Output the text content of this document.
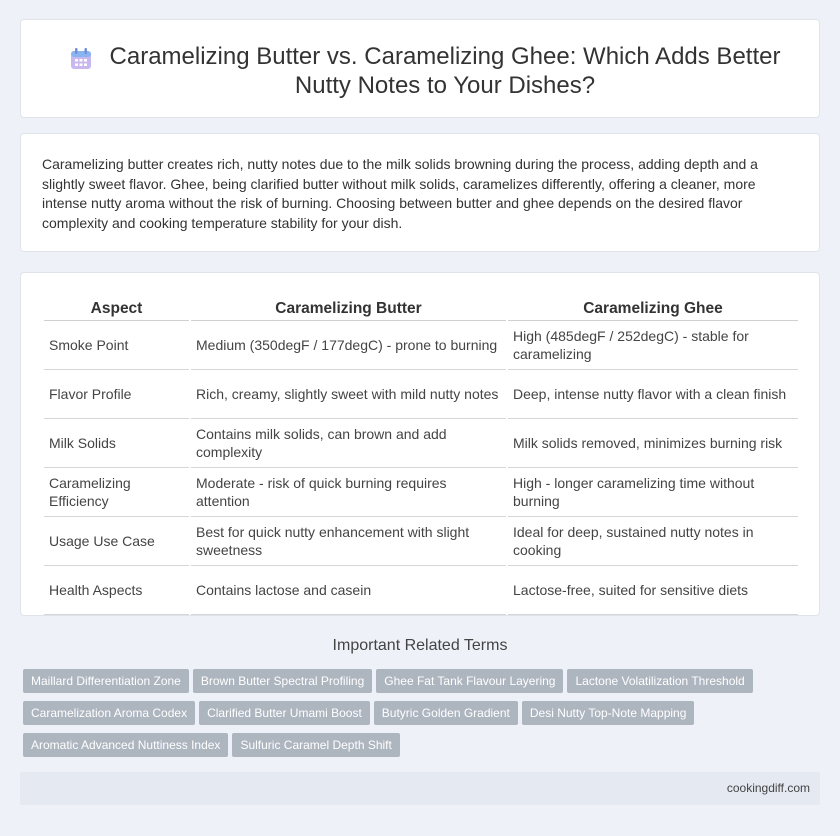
Caramelizing Butter vs. Caramelizing Ghee: Which Adds Better Nutty Notes to Your Dishes?

Caramelizing butter creates rich, nutty notes due to the milk solids browning during the process, adding depth and a slightly sweet flavor. Ghee, being clarified butter without milk solids, caramelizes differently, offering a cleaner, more intense nutty aroma without the risk of burning. Choosing between butter and ghee depends on the desired flavor complexity and cooking temperature stability for your dish.

Aspect	Caramelizing Butter	Caramelizing Ghee
Smoke Point	Medium (350degF / 177degC) - prone to burning	High (485degF / 252degC) - stable for caramelizing
Flavor Profile	Rich, creamy, slightly sweet with mild nutty notes	Deep, intense nutty flavor with a clean finish
Milk Solids	Contains milk solids, can brown and add complexity	Milk solids removed, minimizes burning risk
Caramelizing Efficiency	Moderate - risk of quick burning requires attention	High - longer caramelizing time without burning
Usage Use Case	Best for quick nutty enhancement with slight sweetness	Ideal for deep, sustained nutty notes in cooking
Health Aspects	Contains lactose and casein	Lactose-free, suited for sensitive diets
Important Related Terms
Maillard Differentiation Zone Brown Butter Spectral Profiling Ghee Fat Tank Flavour Layering Lactone Volatilization Threshold
Caramelization Aroma Codex Clarified Butter Umami Boost Butyric Golden Gradient Desi Nutty Top-Note Mapping
Aromatic Advanced Nuttiness Index Sulfuric Caramel Depth Shift
cookingdiff.com
